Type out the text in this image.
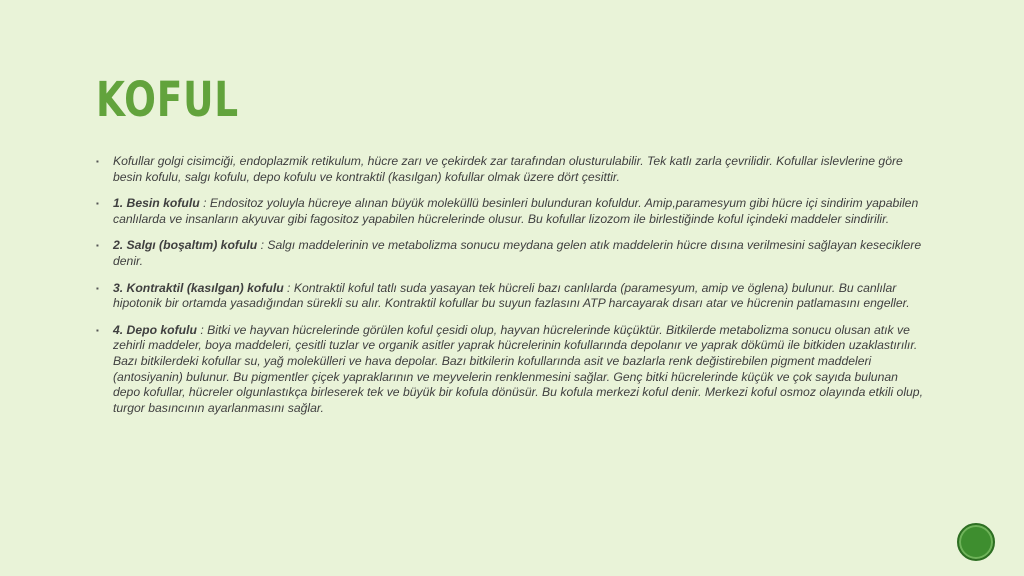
KOFUL
▪ Kofullar golgi cisimciği, endoplazmik retikulum, hücre zarı ve çekirdek zar tarafından olusturulabilir. Tek katlı zarla çevrilidir. Kofullar islevlerine göre besin kofulu, salgı kofulu, depo kofulu ve kontraktil (kasılgan) kofullar olmak üzere dört çesittir.
▪ 1. Besin kofulu : Endositoz yoluyla hücreye alınan büyük moleküllü besinleri bulunduran kofuldur. Amip,paramesyum gibi hücre içi sindirim yapabilen canlılarda ve insanların akyuvar gibi fagositoz yapabilen hücrelerinde olusur. Bu kofullar lizozom ile birlestiğinde koful içindeki maddeler sindirilir.
▪ 2. Salgı (boşaltım) kofulu : Salgı maddelerinin ve metabolizma sonucu meydana gelen atık maddelerin hücre dısına verilmesini sağlayan keseciklere denir.
▪ 3. Kontraktil (kasılgan) kofulu : Kontraktil koful tatlı suda yasayan tek hücreli bazı canlılarda (paramesyum, amip ve öglena) bulunur. Bu canlılar hipotonik bir ortamda yasadığından sürekli su alır. Kontraktil kofullar bu suyun fazlasını ATP harcayarak dısarı atar ve hücrenin patlamasını engeller.
▪ 4. Depo kofulu : Bitki ve hayvan hücrelerinde görülen koful çesidi olup, hayvan hücrelerinde küçüktür. Bitkilerde metabolizma sonucu olusan atık ve zehirli maddeler, boya maddeleri, çesitli tuzlar ve organik asitler yaprak hücrelerinin kofullarında depolanır ve yaprak dökümü ile bitkiden uzaklastırılır. Bazı bitkilerdeki kofullar su, yağ molekülleri ve hava depolar. Bazı bitkilerin kofullarında asit ve bazlarla renk değistirebilen pigment maddeleri (antosiyanin) bulunur. Bu pigmentler çiçek yapraklarının ve meyvelerin renklenmesini sağlar. Genç bitki hücrelerinde küçük ve çok sayıda bulunan depo kofullar, hücreler olgunlastıkça birleserek tek ve büyük bir kofula dönüsür. Bu kofula merkezi koful denir. Merkezi koful osmoz olayında etkili olup, turgor basıncının ayarlanmasını sağlar.
